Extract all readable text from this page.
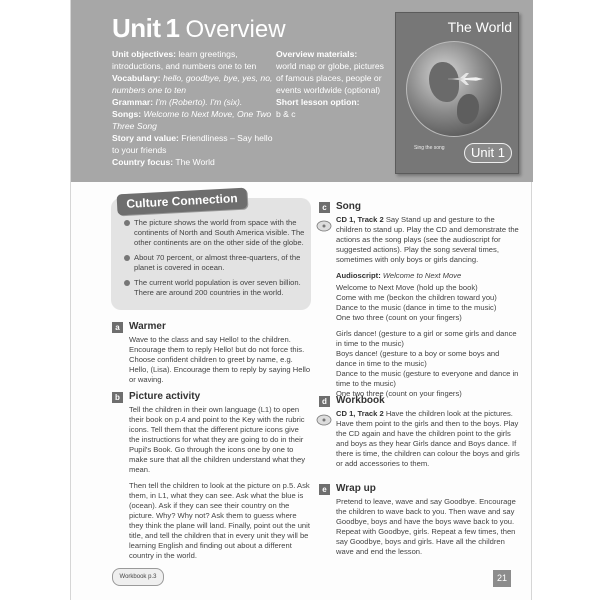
Unit 1 Overview

Unit objectives: learn greetings, introductions, and numbers one to ten

Vocabulary: hello, goodbye, bye, yes, no, numbers one to ten

Grammar: I'm (Roberto). I'm (six).

Songs: Welcome to Next Move, One Two Three Song

Story and value: Friendliness – Say hello to your friends

Country focus: The World

Overview materials:
world map or globe, pictures of famous places, people or events worldwide (optional)

Short lesson option:
b & c

The World
Sing the song	Unit 1
Culture Connection
The picture shows the world from space with the continents of North and South America visible. The other continents are on the other side of the globe.
About 70 percent, or almost three-quarters, of the planet is covered in ocean.
The current world population is over seven billion. There are around 200 countries in the world.
a Warmer

Wave to the class and say Hello! to the children. Encourage them to reply Hello! but do not force this. Choose confident children to greet by name, e.g. Hello, (Lisa). Encourage them to reply by saying Hello or waving.

b Picture activity

Tell the children in their own language (L1) to open their book on p.4 and point to the Key with the rubric icons. Tell them that the different picture icons give the instructions for what they are going to do in their Pupil's Book. Go through the icons one by one to make sure that all the children understand what they mean.

Then tell the children to look at the picture on p.5. Ask them, in L1, what they can see. Ask what the blue is (ocean). Ask if they can see their country on the picture. Why? Why not? Ask them to guess where they think the plane will land. Finally, point out the unit title, and tell the children that in every unit they will be learning English and finding out about a different country in the world.

c Song

CD 1, Track 2 Say Stand up and gesture to the children to stand up. Play the CD and demonstrate the actions as the song plays (see the audioscript for suggested actions). Play the song several times, sometimes with only boys or girls dancing.

Audioscript: Welcome to Next Move

Welcome to Next Move (hold up the book)

Come with me (beckon the children toward you)

Dance to the music (dance in time to the music)

One two three (count on your fingers)

Girls dance! (gesture to a girl or some girls and dance in time to the music)

Boys dance! (gesture to a boy or some boys and dance in time to the music)

Dance to the music (gesture to everyone and dance in time to the music)

One two three (count on your fingers)

d Workbook

CD 1, Track 2 Have the children look at the pictures. Have them point to the girls and then to the boys. Play the CD again and have the children point to the girls and boys as they hear Girls dance and Boys dance. If there is time, the children can colour the boys and girls or add accessories to them.

e Wrap up

Pretend to leave, wave and say Goodbye. Encourage the children to wave back to you. Then wave and say Goodbye, boys and have the boys wave back to you. Repeat with Goodbye, girls. Repeat a few times, then say Goodbye, boys and girls. Have all the children wave and end the lesson.

Workbook p.3	21
